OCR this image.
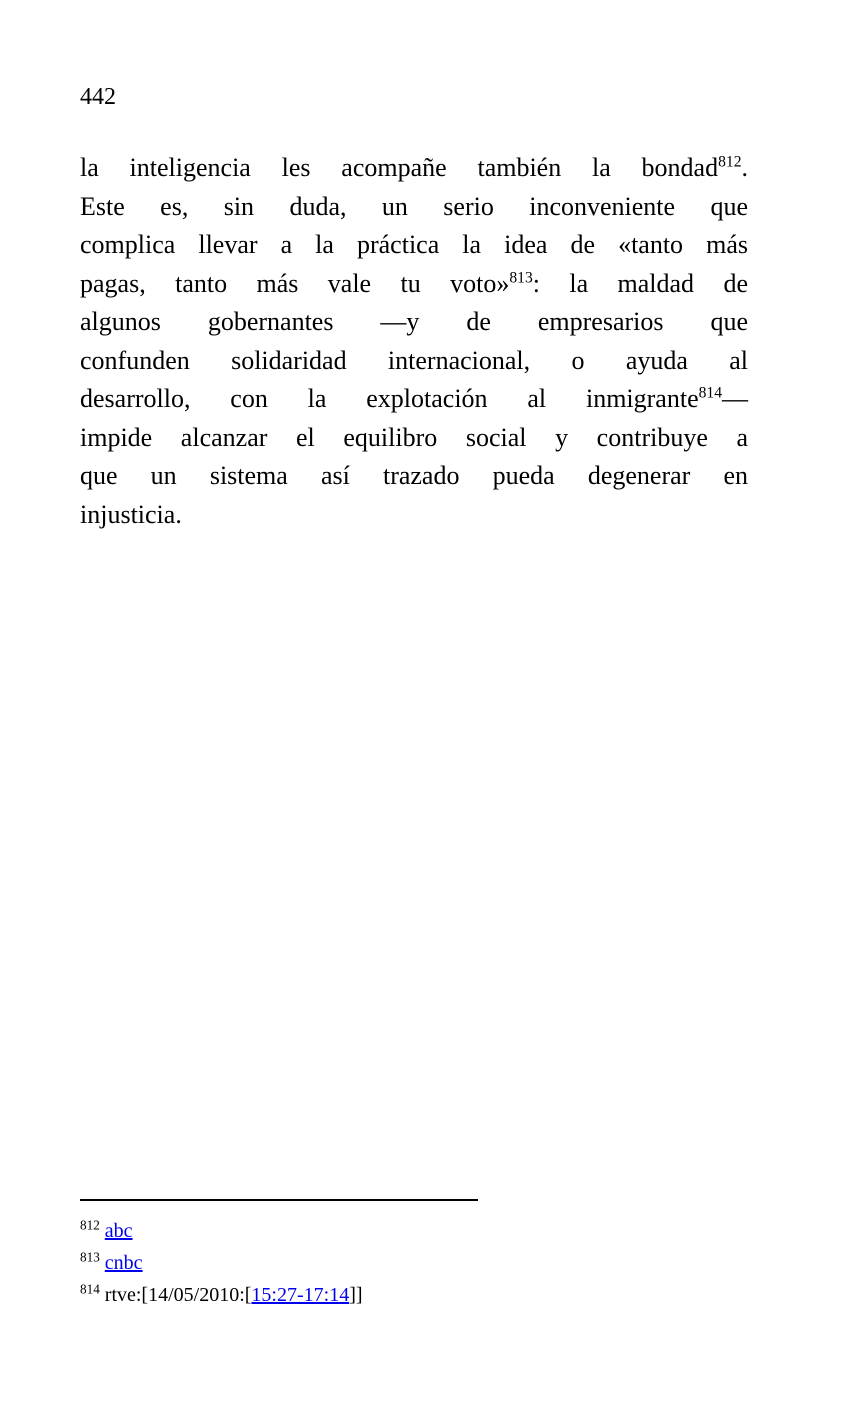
442
la inteligencia les acompañe también la bondad$^{812}$.
Este es, sin duda, un serio inconveniente que
complica llevar a la práctica la idea de «tanto más
pagas, tanto más vale tu voto»$^{813}$: la maldad de
algunos gobernantes —y de empresarios que
confunden solidaridad internacional, o ayuda al
desarrollo, con la explotación al inmigrante$^{814}$—
impide alcanzar el equilibro social y contribuye a
que un sistema así trazado pueda degenerar en
injusticia.
$^{812}$ abc
$^{813}$ cnbc
$^{814}$ rtve:[14/05/2010:[15:27-17:14]]
